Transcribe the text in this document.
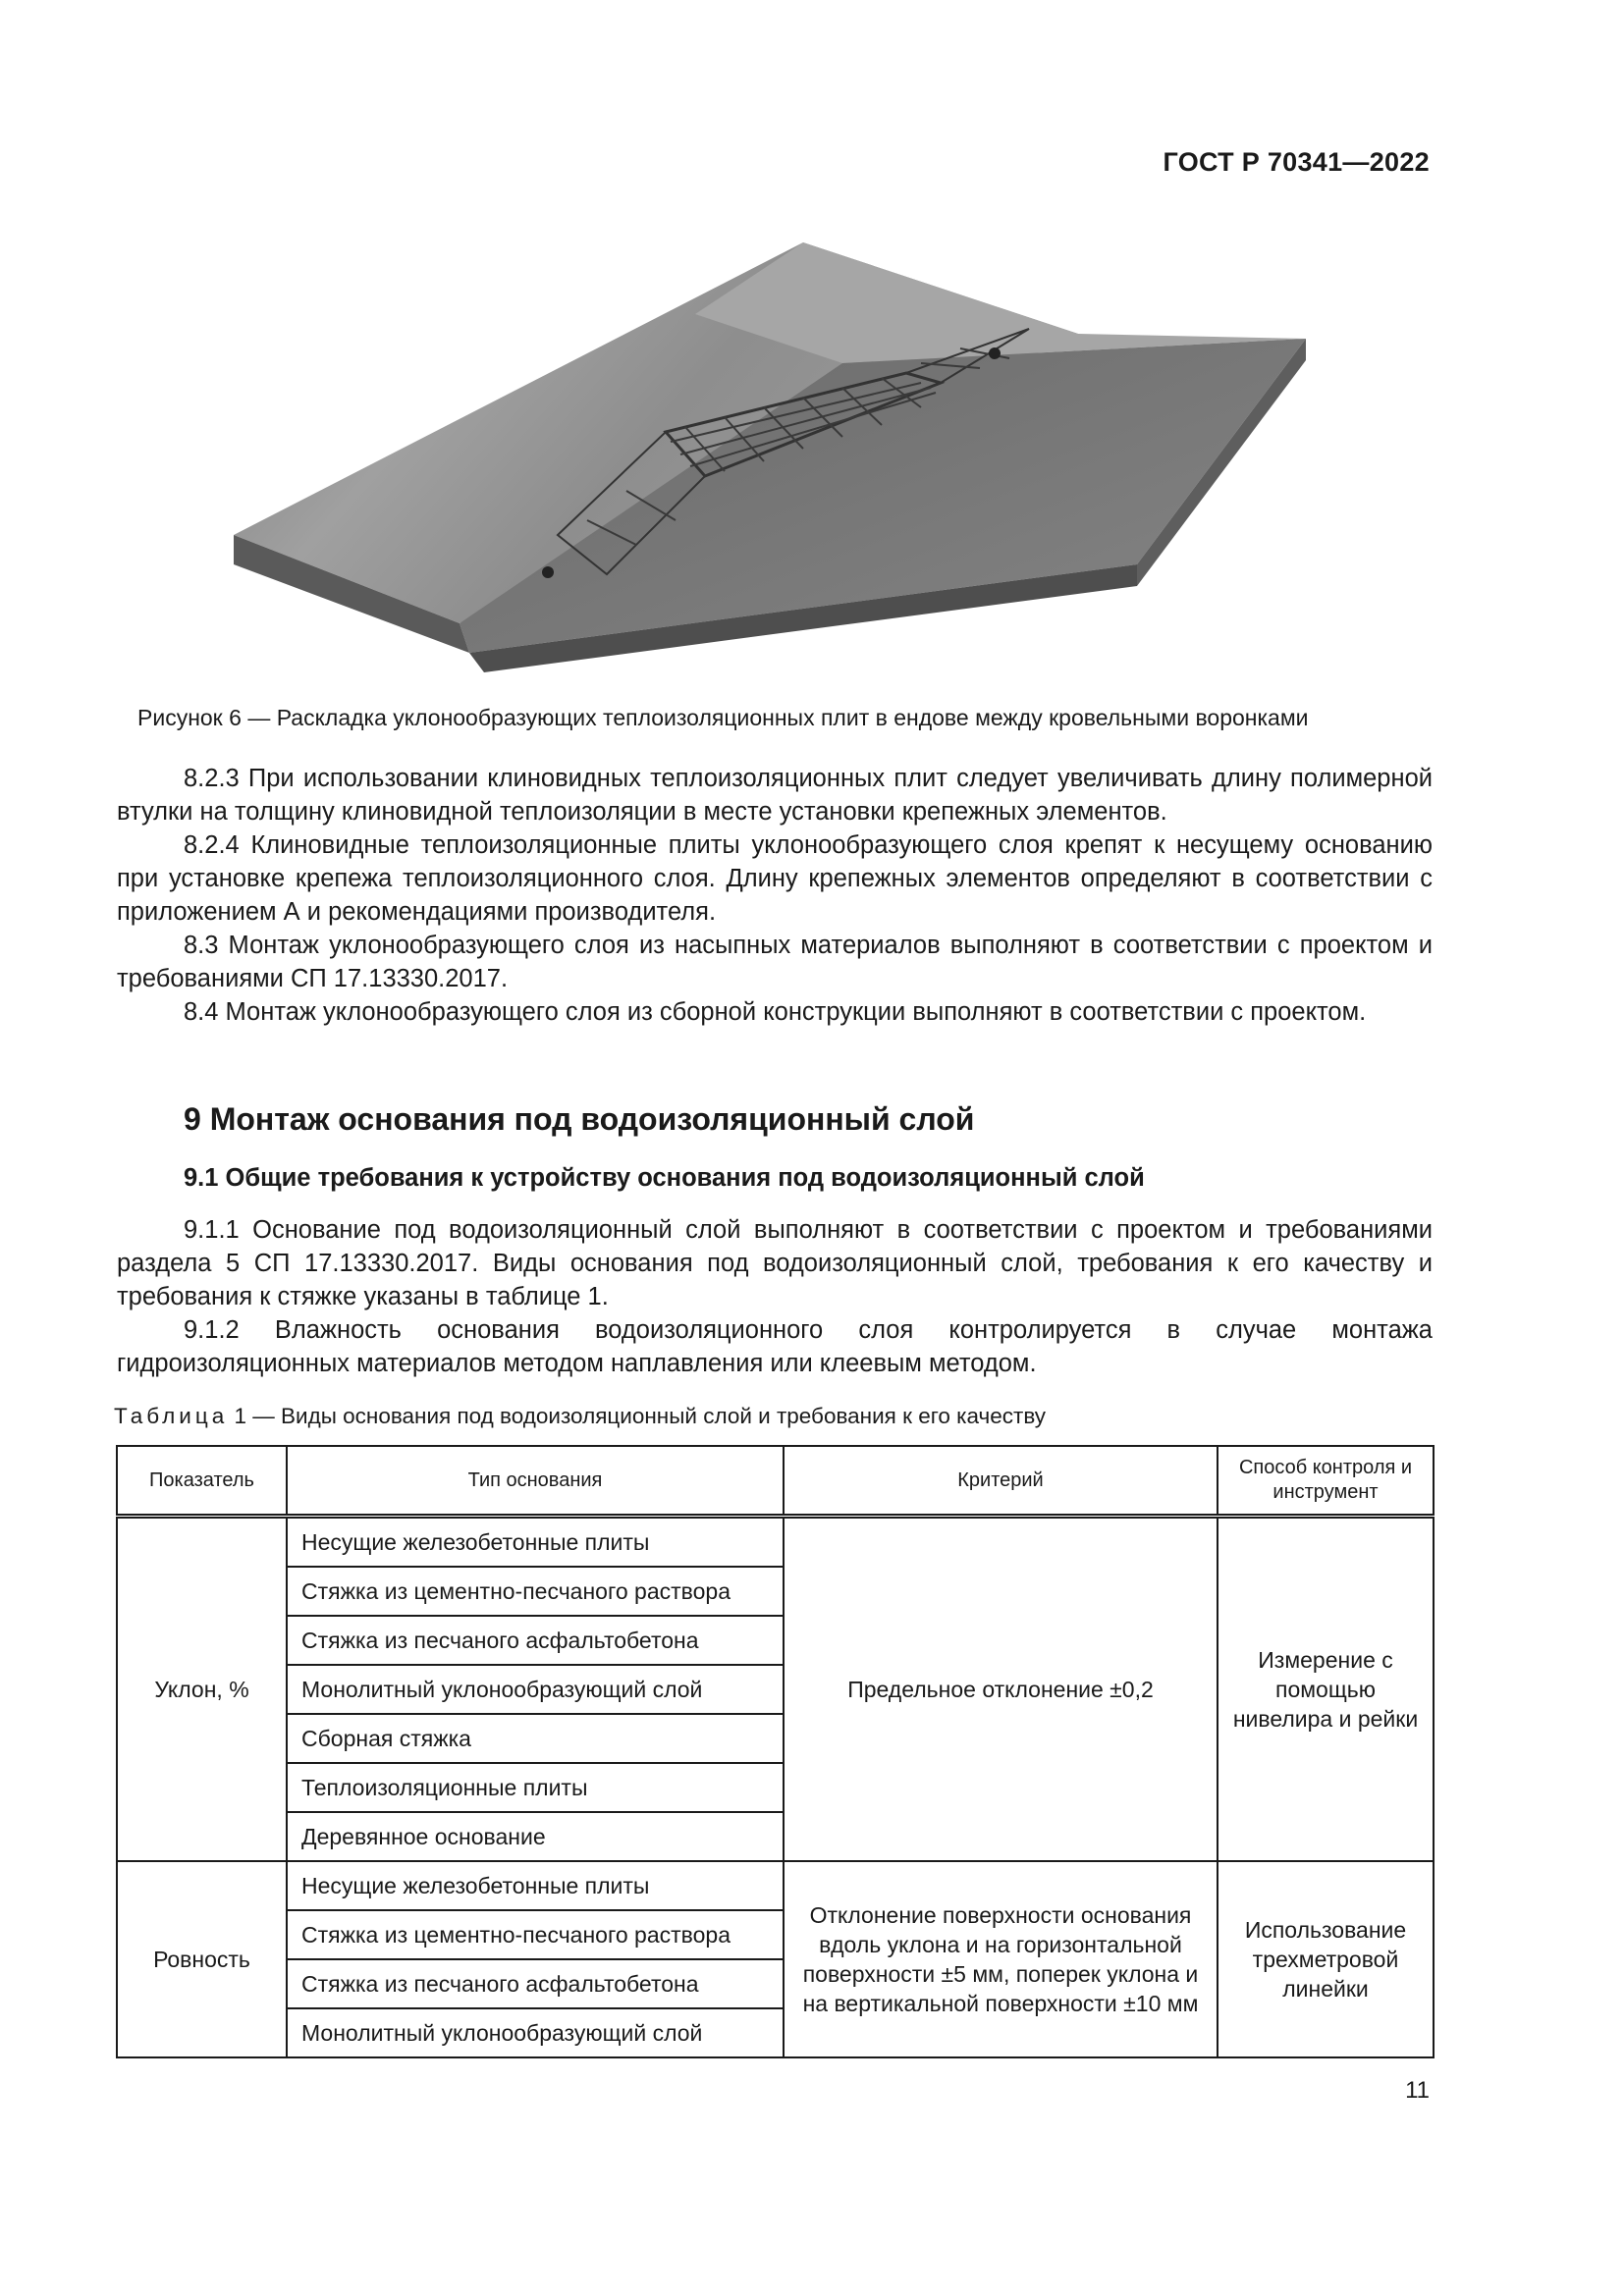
ГОСТ Р 70341—2022
Рисунок 6 — Раскладка уклонообразующих теплоизоляционных плит в ендове между кровельными воронками
8.2.3 При использовании клиновидных теплоизоляционных плит следует увеличивать длину полимерной втулки на толщину клиновидной теплоизоляции в месте установки крепежных элементов.
8.2.4 Клиновидные теплоизоляционные плиты уклонообразующего слоя крепят к несущему основанию при установке крепежа теплоизоляционного слоя. Длину крепежных элементов определяют в соответствии с приложением А и рекомендациями производителя.
8.3 Монтаж уклонообразующего слоя из насыпных материалов выполняют в соответствии с проектом и требованиями СП 17.13330.2017.
8.4 Монтаж уклонообразующего слоя из сборной конструкции выполняют в соответствии с проектом.
9 Монтаж основания под водоизоляционный слой
9.1 Общие требования к устройству основания под водоизоляционный слой
9.1.1 Основание под водоизоляционный слой выполняют в соответствии с проектом и требованиями раздела 5 СП 17.13330.2017. Виды основания под водоизоляционный слой, требования к его качеству и требования к стяжке указаны в таблице 1.
9.1.2 Влажность основания водоизоляционного слоя контролируется в случае монтажа гидроизоляционных материалов методом наплавления или клеевым методом.
Таблица 1 — Виды основания под водоизоляционный слой и требования к его качеству
Показатель	Тип основания	Критерий	Способ контроля и инструмент
Уклон, %	Несущие железобетонные плиты	Предельное отклонение ±0,2	Измерение с помощью нивелира и рейки
	Стяжка из цементно-песчаного раствора		
	Стяжка из песчаного асфальтобетона		
	Монолитный уклонообразующий слой		
	Сборная стяжка		
	Теплоизоляционные плиты		
	Деревянное основание		
Ровность	Несущие железобетонные плиты	Отклонение поверхности основания вдоль уклона и на горизонтальной поверхности ±5 мм, поперек уклона и на вертикальной поверхности ±10 мм	Использование трехметровой линейки
	Стяжка из цементно-песчаного раствора		
	Стяжка из песчаного асфальтобетона		
	Монолитный уклонообразующий слой		
11
